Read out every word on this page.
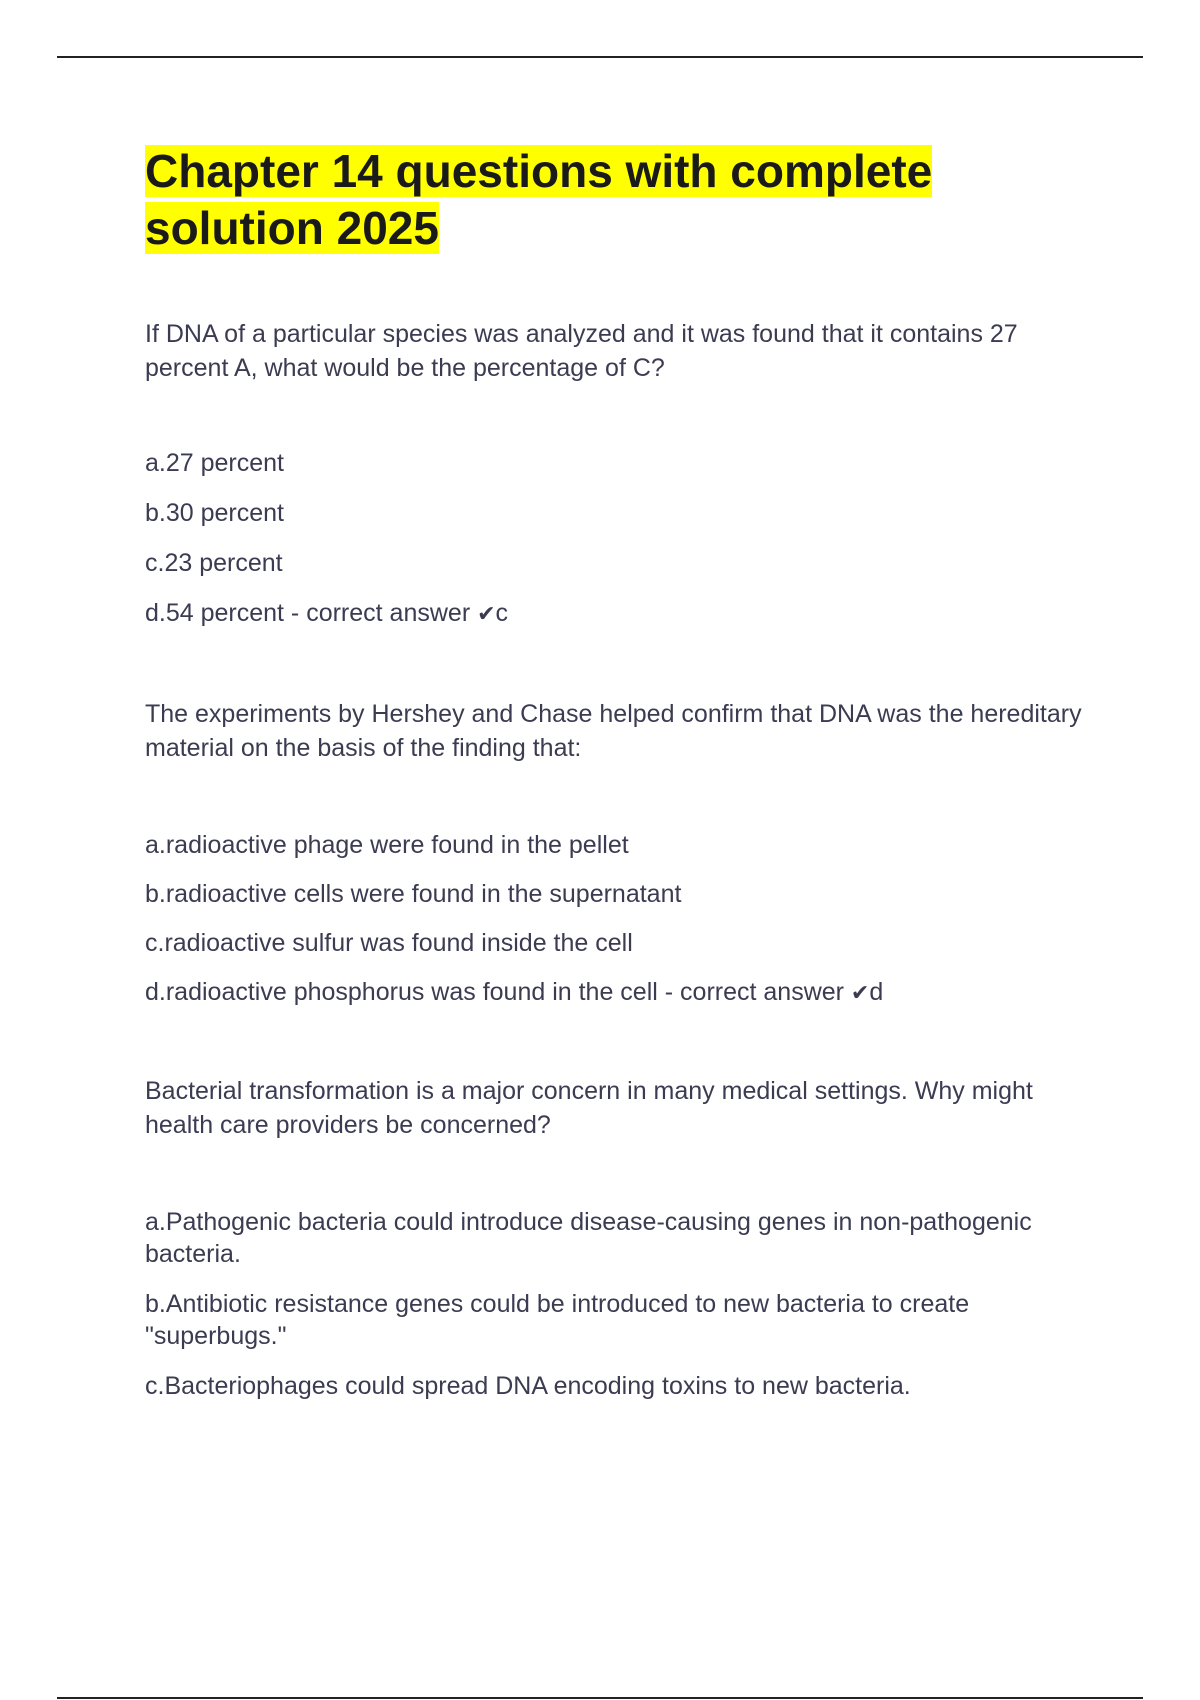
Chapter 14 questions with complete solution 2025

If DNA of a particular species was analyzed and it was found that it contains 27 percent A, what would be the percentage of C?

a.27 percent
b.30 percent
c.23 percent
d.54 percent - correct answer ✔c

The experiments by Hershey and Chase helped confirm that DNA was the hereditary material on the basis of the finding that:

a.radioactive phage were found in the pellet
b.radioactive cells were found in the supernatant
c.radioactive sulfur was found inside the cell
d.radioactive phosphorus was found in the cell - correct answer ✔d

Bacterial transformation is a major concern in many medical settings. Why might health care providers be concerned?

a.Pathogenic bacteria could introduce disease-causing genes in non-pathogenic bacteria.
b.Antibiotic resistance genes could be introduced to new bacteria to create "superbugs."
c.Bacteriophages could spread DNA encoding toxins to new bacteria.
